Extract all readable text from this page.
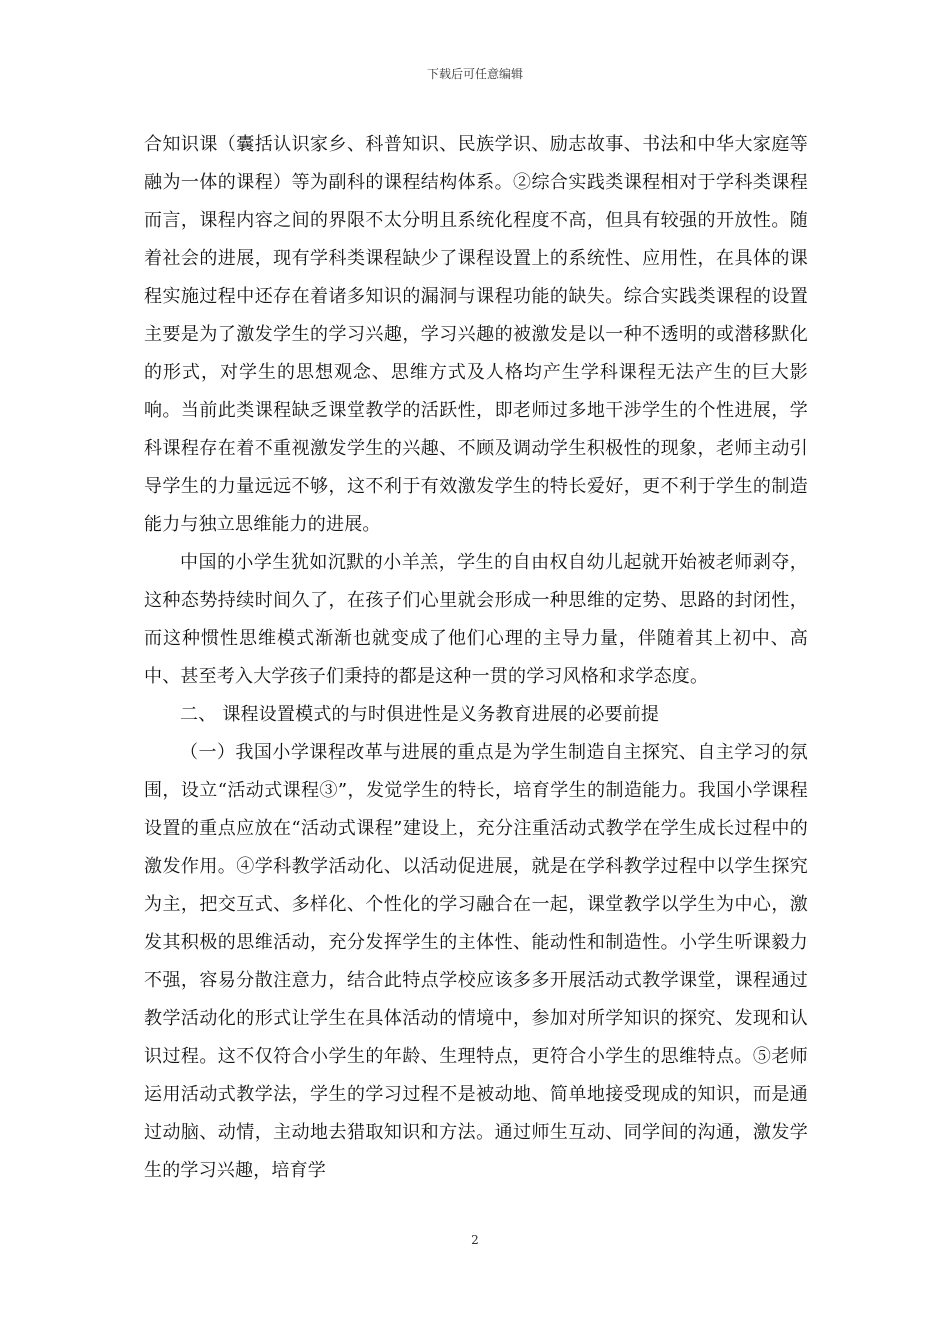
下载后可任意编辑

合知识课（囊括认识家乡、科普知识、民族学识、励志故事、书法和中华大家庭等融为一体的课程）等为副科的课程结构体系。②综合实践类课程相对于学科类课程而言，课程内容之间的界限不太分明且系统化程度不高，但具有较强的开放性。随着社会的进展，现有学科类课程缺少了课程设置上的系统性、应用性，在具体的课程实施过程中还存在着诸多知识的漏洞与课程功能的缺失。综合实践类课程的设置主要是为了激发学生的学习兴趣，学习兴趣的被激发是以一种不透明的或潜移默化的形式，对学生的思想观念、思维方式及人格均产生学科课程无法产生的巨大影响。当前此类课程缺乏课堂教学的活跃性，即老师过多地干涉学生的个性进展，学科课程存在着不重视激发学生的兴趣、不顾及调动学生积极性的现象，老师主动引导学生的力量远远不够，这不利于有效激发学生的特长爱好，更不利于学生的制造能力与独立思维能力的进展。

中国的小学生犹如沉默的小羊羔，学生的自由权自幼儿起就开始被老师剥夺，这种态势持续时间久了，在孩子们心里就会形成一种思维的定势、思路的封闭性，而这种惯性思维模式渐渐也就变成了他们心理的主导力量，伴随着其上初中、高中、甚至考入大学孩子们秉持的都是这种一贯的学习风格和求学态度。

二、 课程设置模式的与时俱进性是义务教育进展的必要前提

（一）我国小学课程改革与进展的重点是为学生制造自主探究、自主学习的氛围，设立“活动式课程③”，发觉学生的特长，培育学生的制造能力。我国小学课程设置的重点应放在“活动式课程”建设上，充分注重活动式教学在学生成长过程中的激发作用。④学科教学活动化、以活动促进展，就是在学科教学过程中以学生探究为主，把交互式、多样化、个性化的学习融合在一起，课堂教学以学生为中心，激发其积极的思维活动，充分发挥学生的主体性、能动性和制造性。小学生听课毅力不强，容易分散注意力，结合此特点学校应该多多开展活动式教学课堂，课程通过教学活动化的形式让学生在具体活动的情境中，参加对所学知识的探究、发现和认识过程。这不仅符合小学生的年龄、生理特点，更符合小学生的思维特点。⑤老师运用活动式教学法，学生的学习过程不是被动地、简单地接受现成的知识，而是通过动脑、动情，主动地去猎取知识和方法。通过师生互动、同学间的沟通，激发学生的学习兴趣，培育学

2
